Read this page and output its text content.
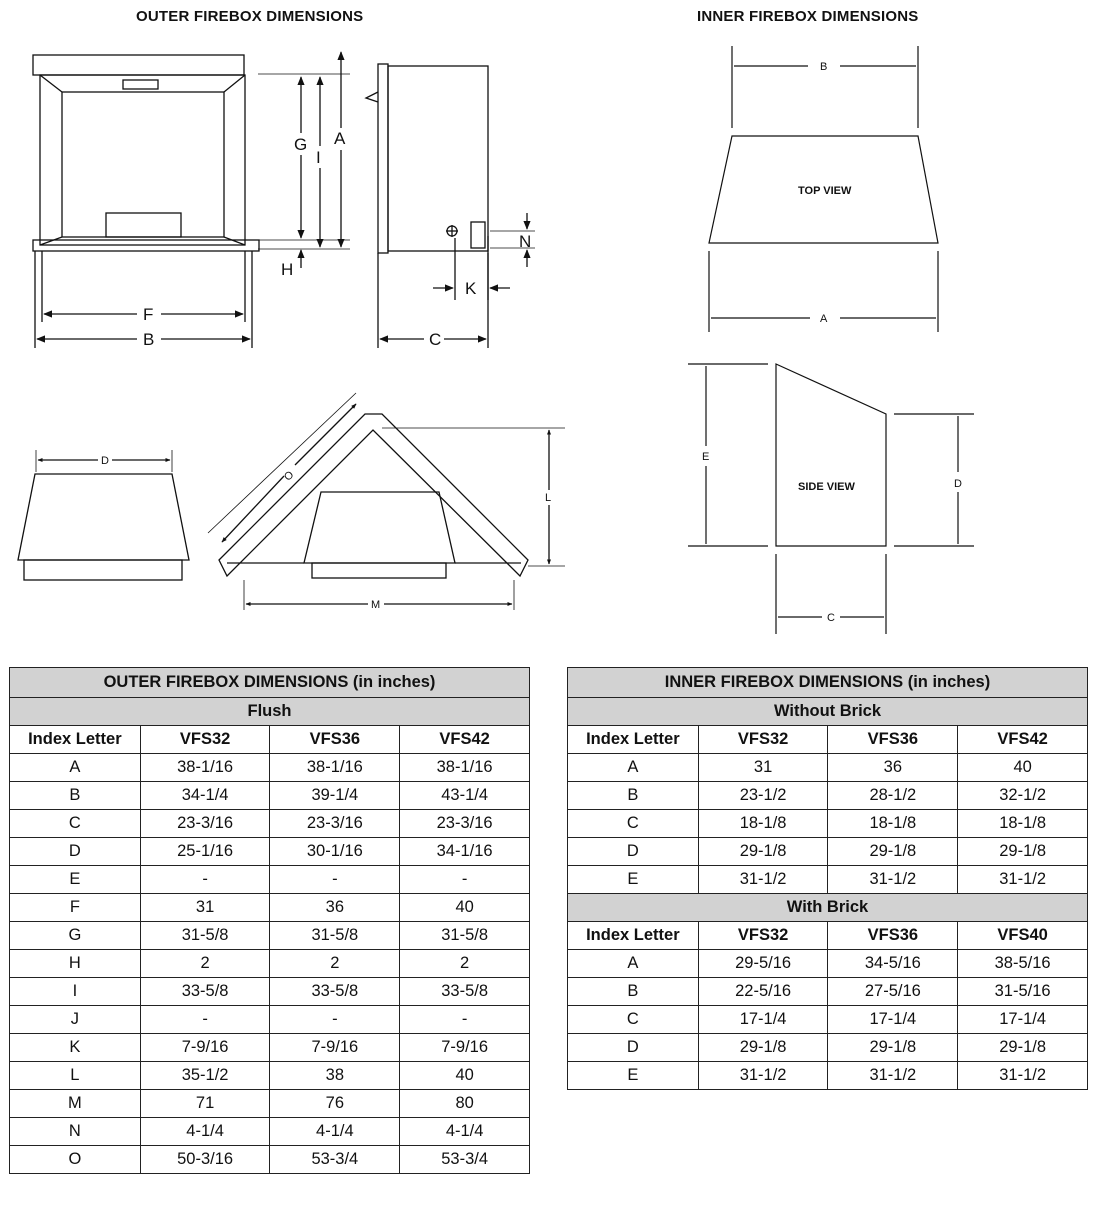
OUTER FIREBOX DIMENSIONS	INNER FIREBOX DIMENSIONS
A
I
G
H
F
B
N
K
C
D
O
L
M
B
TOP VIEW
A
E
SIDE VIEW	D
C
OUTER FIREBOX DIMENSIONS (in inches)			
Flush			
Index Letter	VFS32	VFS36	VFS42
A	38-1/16	38-1/16	38-1/16
B	34-1/4	39-1/4	43-1/4
C	23-3/16	23-3/16	23-3/16
D	25-1/16	30-1/16	34-1/16
E	-	-	-
F	31	36	40
G	31-5/8	31-5/8	31-5/8
H	2	2	2
I	33-5/8	33-5/8	33-5/8
J	-	-	-
K	7-9/16	7-9/16	7-9/16
L	35-1/2	38	40
M	71	76	80
N	4-1/4	4-1/4	4-1/4
O	50-3/16	53-3/4	53-3/4
INNER FIREBOX DIMENSIONS (in inches)			
Without Brick			
Index Letter	VFS32	VFS36	VFS42
A	31	36	40
B	23-1/2	28-1/2	32-1/2
C	18-1/8	18-1/8	18-1/8
D	29-1/8	29-1/8	29-1/8
E	31-1/2	31-1/2	31-1/2
With Brick			
Index Letter	VFS32	VFS36	VFS40
A	29-5/16	34-5/16	38-5/16
B	22-5/16	27-5/16	31-5/16
C	17-1/4	17-1/4	17-1/4
D	29-1/8	29-1/8	29-1/8
E	31-1/2	31-1/2	31-1/2
